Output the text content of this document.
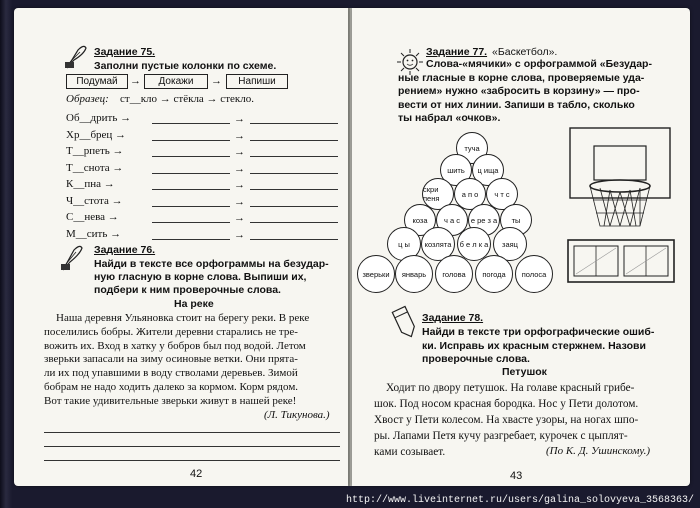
Задание 75.
Заполни пустые колонки по схеме.
Подумай	→	Докажи	→	Напиши
Образец: ст__кло → стёкла → стекло.
Об__дрить →	→
Хр__брец →	→
Т__рпеть →	→
Т__снота →	→
К__пна →	→
Ч__стота →	→
С__нева →	→
М__сить →	→
Задание 76.
Найди в тексте все орфограммы на безудар-
ную гласную в корне слова. Выпиши их,
подбери к ним проверочные слова.
На реке
Наша деревня Ульяновка стоит на берегу реки. В реке
поселились бобры. Жители деревни старались не тре-
вожить их. Вход в хатку у бобров был под водой. Летом
зверьки запасали на зиму осиновые ветки. Они прята-
ли их под упавшими в воду стволами деревьев. Зимой
бобрам не надо ходить далеко за кормом. Корм рядом.
Вот такие удивительные зверьки живут в нашей реке!
(Л. Тикунова.)
42
Задание 77. «Баскетбол».
Слова-«мячики» с орфограммой «Безудар-
ные гласные в корне слова, проверяемые уда-
рением» нужно «забросить в корзину» — про-
вести от них линии. Запиши в табло, сколько
ты набрал «очков».
туча
шить	ц ища
скри пеня	а п о	ч т с
коза	ч а с	е ре з а	ты
ц ы	козлята	б е л к а	заяц
зверьки	январь	голова	погода	полоса
Задание 78.
Найди в тексте три орфографические ошиб-
ки. Исправь их красным стержнем. Назови
проверочные слова.
Петушок
Ходит по двору петушок. На голаве красный грибе-
шок. Под носом красная бородка. Нос у Пети долотом.
Хвост у Пети колесом. На хвасте узоры, на ногах шпо-
ры. Лапами Петя кучу разгребает, курочек с цыплят-
ками созывает.	(По К. Д. Ушинскому.)
43
http://www.liveinternet.ru/users/galina_solovyeva_3568363/
